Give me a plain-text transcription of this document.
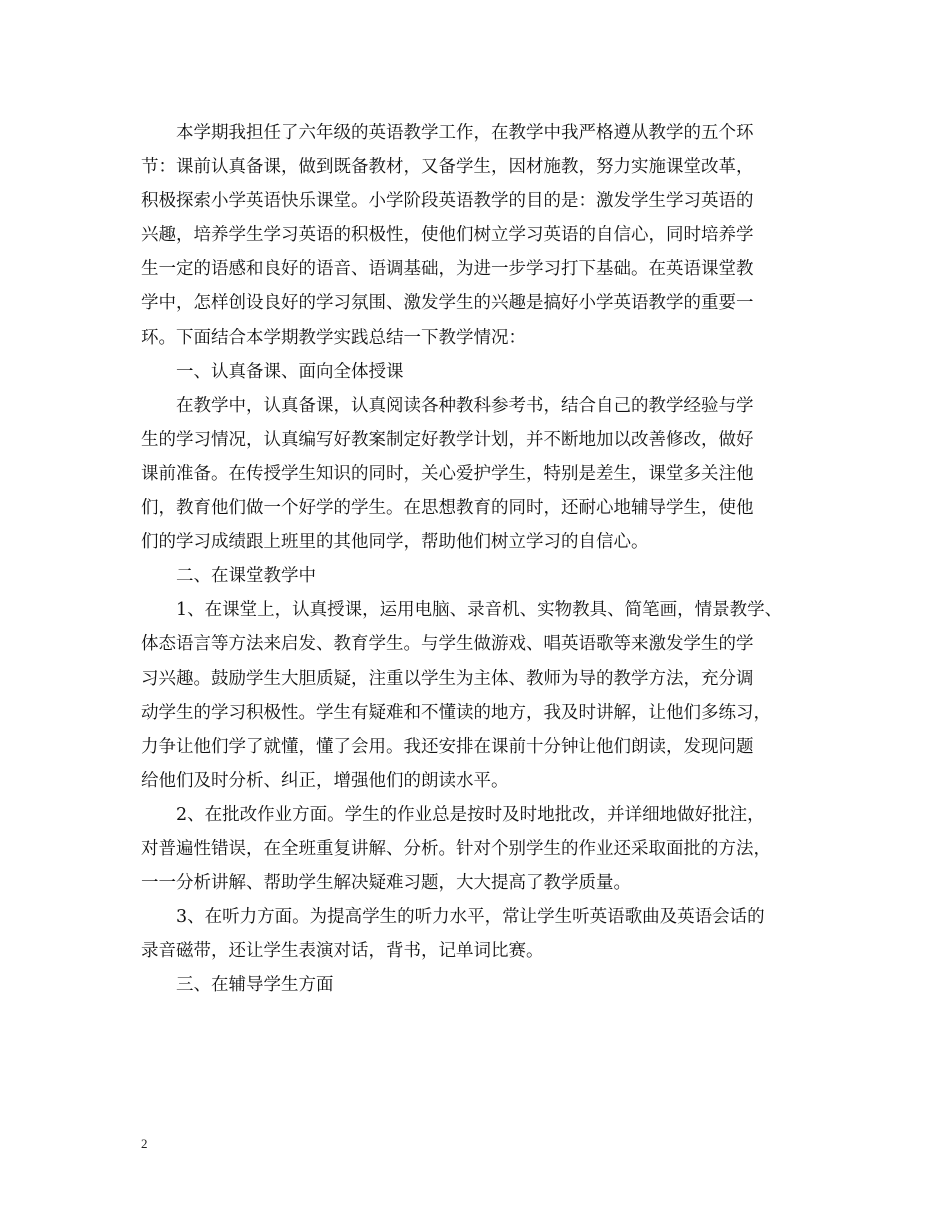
本学期我担任了六年级的英语教学工作，在教学中我严格遵从教学的五个环
节：课前认真备课，做到既备教材，又备学生，因材施教，努力实施课堂改革，
积极探索小学英语快乐课堂。小学阶段英语教学的目的是：激发学生学习英语的
兴趣，培养学生学习英语的积极性，使他们树立学习英语的自信心，同时培养学
生一定的语感和良好的语音、语调基础，为进一步学习打下基础。在英语课堂教
学中，怎样创设良好的学习氛围、激发学生的兴趣是搞好小学英语教学的重要一
环。下面结合本学期教学实践总结一下教学情况：
一、认真备课、面向全体授课
在教学中，认真备课，认真阅读各种教科参考书，结合自己的教学经验与学
生的学习情况，认真编写好教案制定好教学计划，并不断地加以改善修改，做好
课前准备。在传授学生知识的同时，关心爱护学生，特别是差生，课堂多关注他
们，教育他们做一个好学的学生。在思想教育的同时，还耐心地辅导学生，使他
们的学习成绩跟上班里的其他同学，帮助他们树立学习的自信心。
二、在课堂教学中
1、在课堂上，认真授课，运用电脑、录音机、实物教具、简笔画，情景教学、
体态语言等方法来启发、教育学生。与学生做游戏、唱英语歌等来激发学生的学
习兴趣。鼓励学生大胆质疑，注重以学生为主体、教师为导的教学方法，充分调
动学生的学习积极性。学生有疑难和不懂读的地方，我及时讲解，让他们多练习，
力争让他们学了就懂，懂了会用。我还安排在课前十分钟让他们朗读，发现问题
给他们及时分析、纠正，增强他们的朗读水平。
2、在批改作业方面。学生的作业总是按时及时地批改，并详细地做好批注，
对普遍性错误，在全班重复讲解、分析。针对个别学生的作业还采取面批的方法，
一一分析讲解、帮助学生解决疑难习题，大大提高了教学质量。
3、在听力方面。为提高学生的听力水平，常让学生听英语歌曲及英语会话的
录音磁带，还让学生表演对话，背书，记单词比赛。
三、在辅导学生方面
2
